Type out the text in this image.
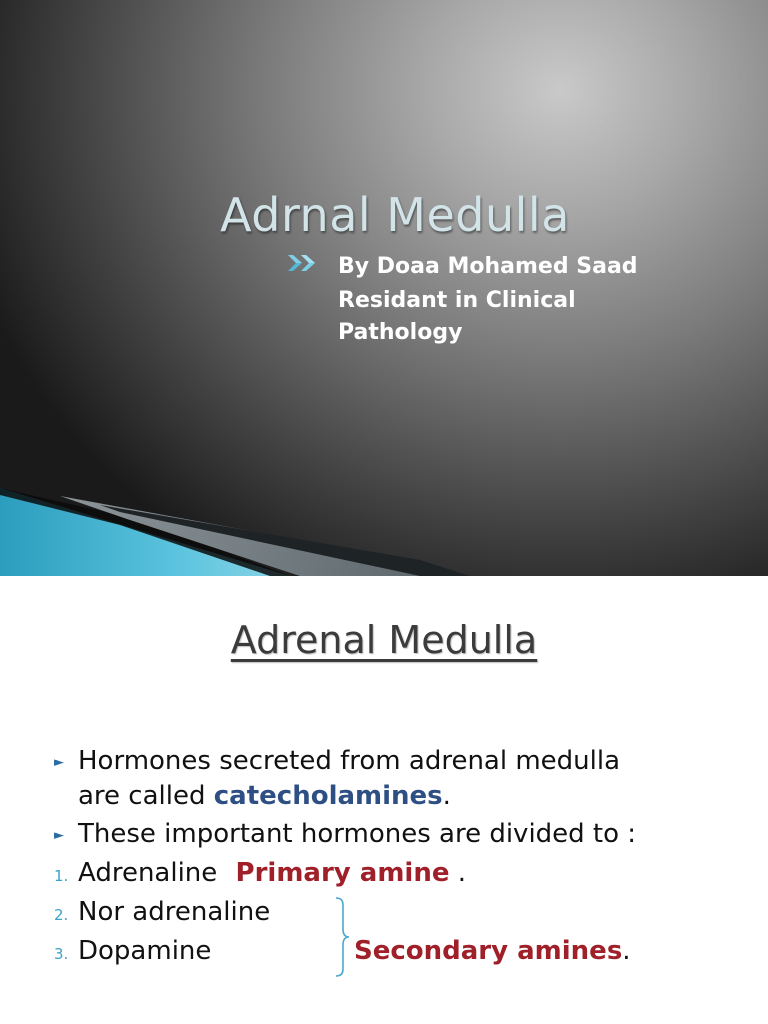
Adrnal Medulla
By Doaa Mohamed Saad
Residant in Clinical
Pathology
Adrenal Medulla
► Hormones secreted from adrenal medulla
are called catecholamines.
► These important hormones are divided to :
1. Adrenaline Primary amine .
2. Nor adrenaline
3. Dopamine	Secondary amines.
